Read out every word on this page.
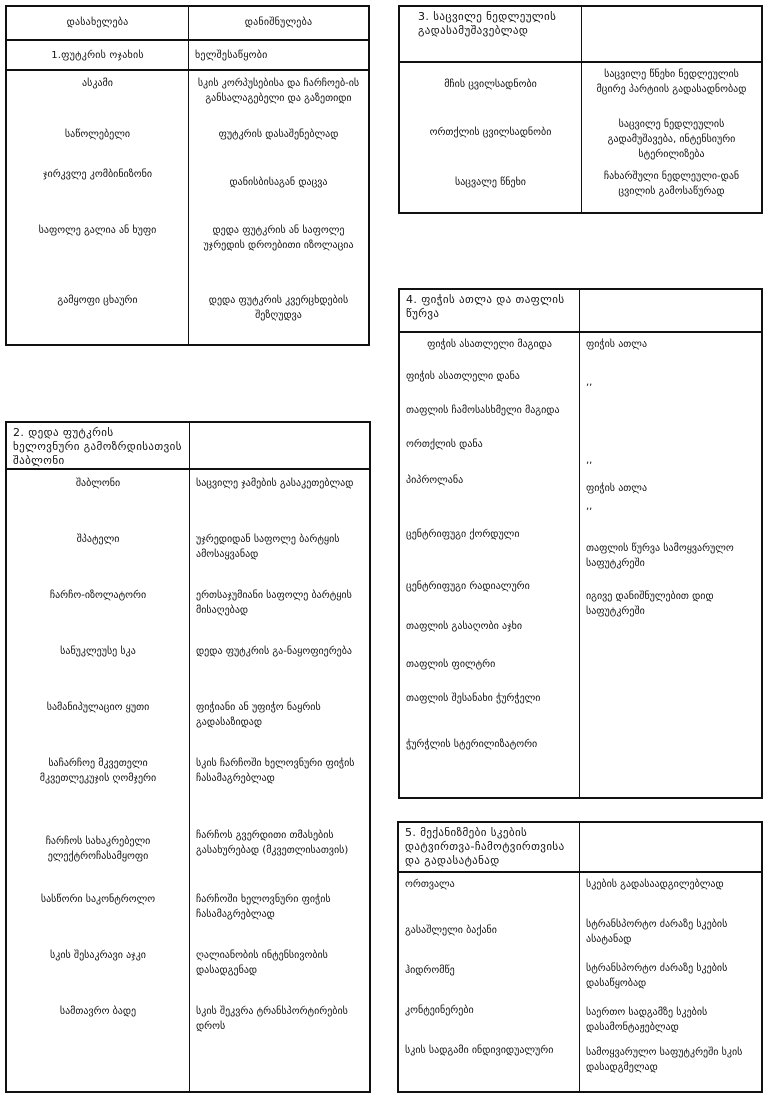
დასახელება	დანიშნულება
1.ფუტკრის ოჯახის	ხელშესაწყობი
ასკამი
საწოლებელი
ჯირკვლე კომბინიზონი
საფოლე გალია ან ხუფი
გამყოფი ცხაური
სკის კორპუსებისა და ჩარჩოებ-ის განსალაგებელი და გაზეთიდი
ფუტკრის დასაშენებლად
დანისბისაგან დაცვა
დედა ფუტკრის ან საფოლე უჯრედის დროებითი იზოლაცია
დედა ფუტკრის კვერცხდების შეზღუდვა
2. დედა ფუტკრის ხელოვნური გამოზრდისათვის შაბლონი
შაბლონი
შპატელი
ჩარჩო-იზოლატორი
სანუკლეუსე სკა
სამანიპულაციო ყუთი
საჩარჩოე მკვეთელი მკვეთლეკუჯის ღომჯერი
ჩარჩოს სახაკრებელი ელექტროჩასამყოფი
სასწორი საკონტროლო
სკის შესაკრავი აჯკი
სამთავრო ბადე
საცვილე ჯამების გასაკეთებლად
უჯრედიდან საფოლე ბარტყის ამოსაყვანად
ერთსაჯუმიანი საფოლე ბარტყის მისაღებად
დედა ფუტკრის გა-ნაყოფიერება
ფიჭიანი ან უფიჭო ნაყრის გადასაზიდად
სკის ჩარჩოში ხელოვნური ფიჭის ჩასამაგრებლად
ჩარჩოს გვერდითი თმასების გასახურებად (მკვეთლისათვის)
ჩარჩოში ხელოვნური ფიჭის ჩასამაგრებლად
ღალიანობის ინტენსივობის დასადგენად
სკის შეკვრა ტრანსპორტირების დროს
3. საცვილე ნედლეულის გადასამუშავებლად
მჩის ცვილსადნობი
ორთქლის ცვილსადნობი
საცვალე წნეხი
საცვილე წნეხი ნედლეულის მცირე პარტიის გადასადნობად
საცვილე ნედლეულის გადამუშავება, ინტენსიური სტერილიზება
ჩახარშული ნედლეული-დან ცვილის გამოსაწურად
4. ფიჭის ათლა და თაფლის წურვა
ფიჭის ასათლელი მაგიდა
ფიჭის ასათლელი დანა
თაფლის ჩამოსასხმელი მაგიდა
ორთქლის დანა
პიპროლანა
ცენტრიფუგი ქორდული
ცენტრიფუგი რადიალური
თაფლის გასაღობი აჯხი
თაფლის ფილტრი
თაფლის შესანახი ჭურჭელი
ჭურჭლის სტერილიზატორი
ფიჭის ათლა
,,
,,
ფიჭის ათლა
,,
თაფლის წურვა სამოყვარულო საფუტკრეში
იგივე დანიშნულებით დიდ საფუტკრეში
5. მექანიზმები სკების დატვირთვა-ჩამოტვირთვისა და გადასატანად
ორთვალა
გასაშლელი ბაქანი
ჰიდრომწე
კონტეინერები
სკის სადგამი ინდივიდუალური
სკების გადასაადგილებლად
სტრანსპორტო ძარაზე სკების ასატანად
სტრანსპორტო ძარაზე სკების დასაწყობად
საერთო სადგამზე სკების დასამონტაჟებლად
სამოყვარულო საფუტკრეში სკის დასადგმელად
